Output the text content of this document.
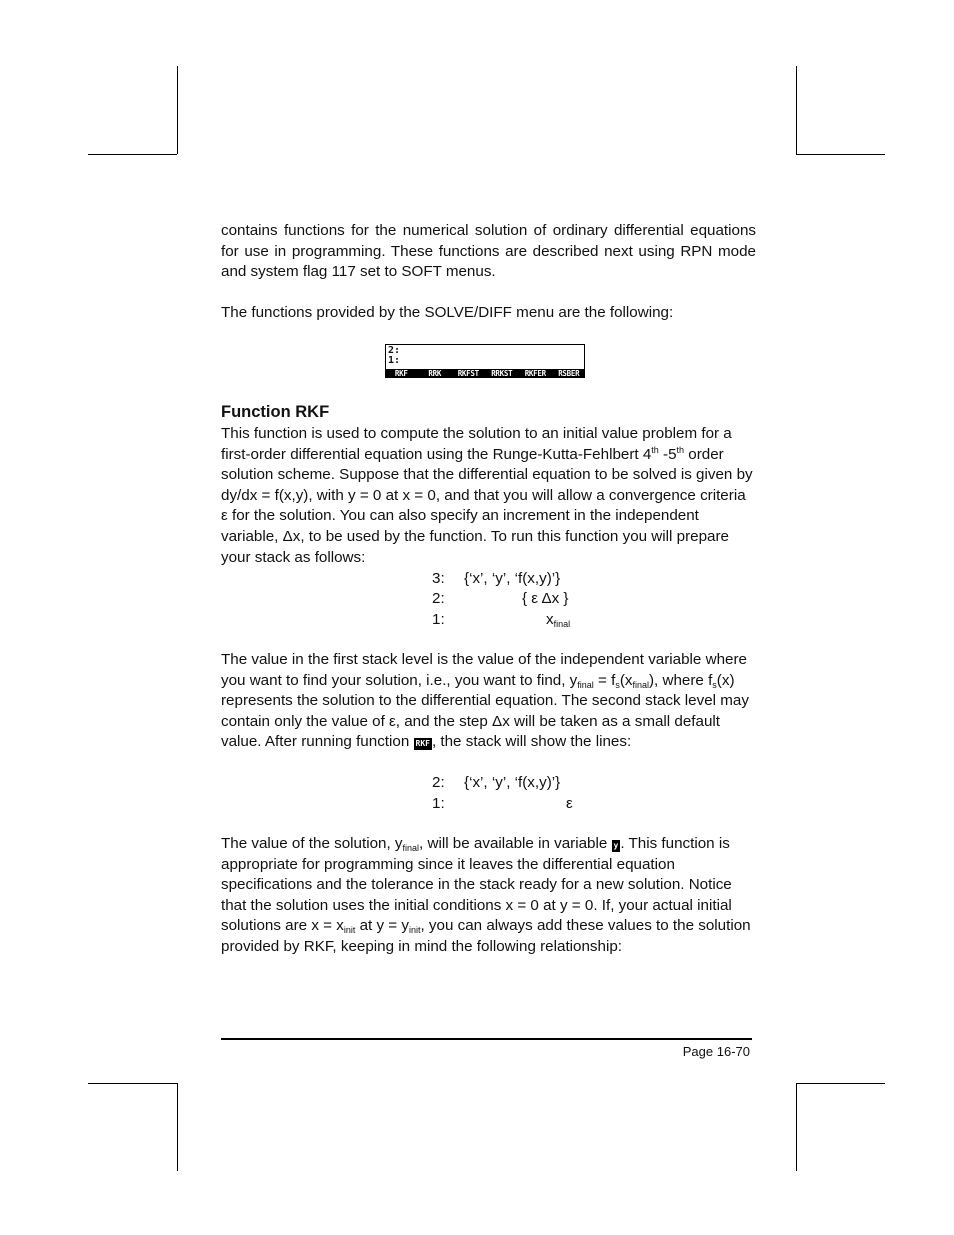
contains functions for the numerical solution of ordinary differential equations for use in programming. These functions are described next using RPN mode and system flag 117 set to SOFT menus.
The functions provided by the SOLVE/DIFF menu are the following:
2:
1:
RKF	RRK	RKFST	RRKST	RKFER	RSBER
Function RKF
This function is used to compute the solution to an initial value problem for a first-order differential equation using the Runge-Kutta-Fehlbert 4th -5th order solution scheme. Suppose that the differential equation to be solved is given by dy/dx = f(x,y), with y = 0 at x = 0, and that you will allow a convergence criteria ε for the solution. You can also specify an increment in the independent variable, Δx, to be used by the function. To run this function you will prepare your stack as follows:
3: {‘x’, ‘y’, ‘f(x,y)’}
2:	{ ε Δx }
1:	$x_{final}$
The value in the first stack level is the value of the independent variable where you want to find your solution, i.e., you want to find, $y_{final} = f_s(x_{final})$, where $f_s(x)$ represents the solution to the differential equation. The second stack level may contain only the value of ε, and the step Δx will be taken as a small default value. After running function RKF , the stack will show the lines:
2: {‘x’, ‘y’, ‘f(x,y)’}
1:	ε
The value of the solution, $y_{final}$, will be available in variable y . This function is appropriate for programming since it leaves the differential equation specifications and the tolerance in the stack ready for a new solution. Notice that the solution uses the initial conditions x = 0 at y = 0. If, your actual initial solutions are $x = x_{init}$ at $y = y_{init}$, you can always add these values to the solution provided by RKF, keeping in mind the following relationship:
Page 16-70
